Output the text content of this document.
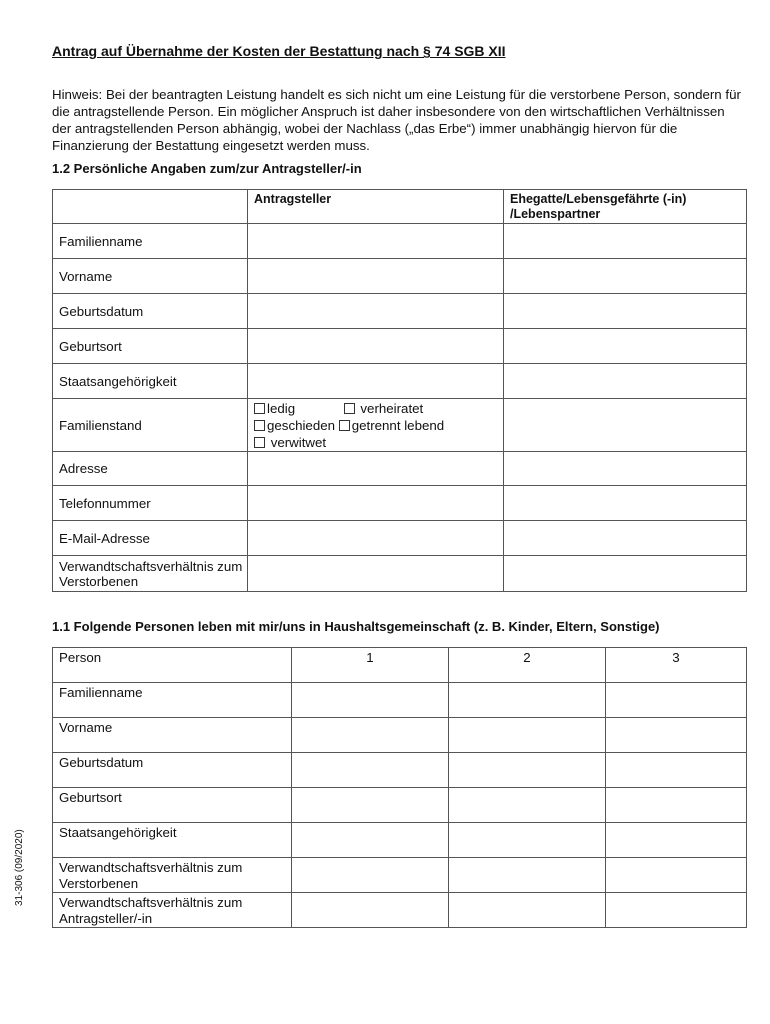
Antrag auf Übernahme der Kosten der Bestattung nach § 74 SGB XII
Hinweis: Bei der beantragten Leistung handelt es sich nicht um eine Leistung für die verstorbene Person, sondern für die antragstellende Person. Ein möglicher Anspruch ist daher insbesondere von den wirtschaftlichen Verhältnissen der antragstellenden Person abhängig, wobei der Nachlass („das Erbe“) immer unabhängig hiervon für die Finanzierung der Bestattung eingesetzt werden muss.
1.2 Persönliche Angaben zum/zur Antragsteller/-in
	Antragsteller	Ehegatte/Lebensgefährte (-in) /Lebenspartner
Familienname		
Vorname		
Geburtsdatum		
Geburtsort		
Staatsangehörigkeit		
Familienstand	ledig verheiratet
geschieden getrennt lebend
verwitwet	

Adresse		
Telefonnummer		
E-Mail-Adresse		
Verwandtschaftsverhältnis zum Verstorbenen		
1.1 Folgende Personen leben mit mir/uns in Haushaltsgemeinschaft (z. B. Kinder, Eltern, Sonstige)
Person	1	2	3
Familienname			
Vorname			
Geburtsdatum			
Geburtsort			
Staatsangehörigkeit			
Verwandtschaftsverhältnis zum Verstorbenen			
Verwandtschaftsverhältnis zum Antragsteller/-in			
31-306 (09/2020)
